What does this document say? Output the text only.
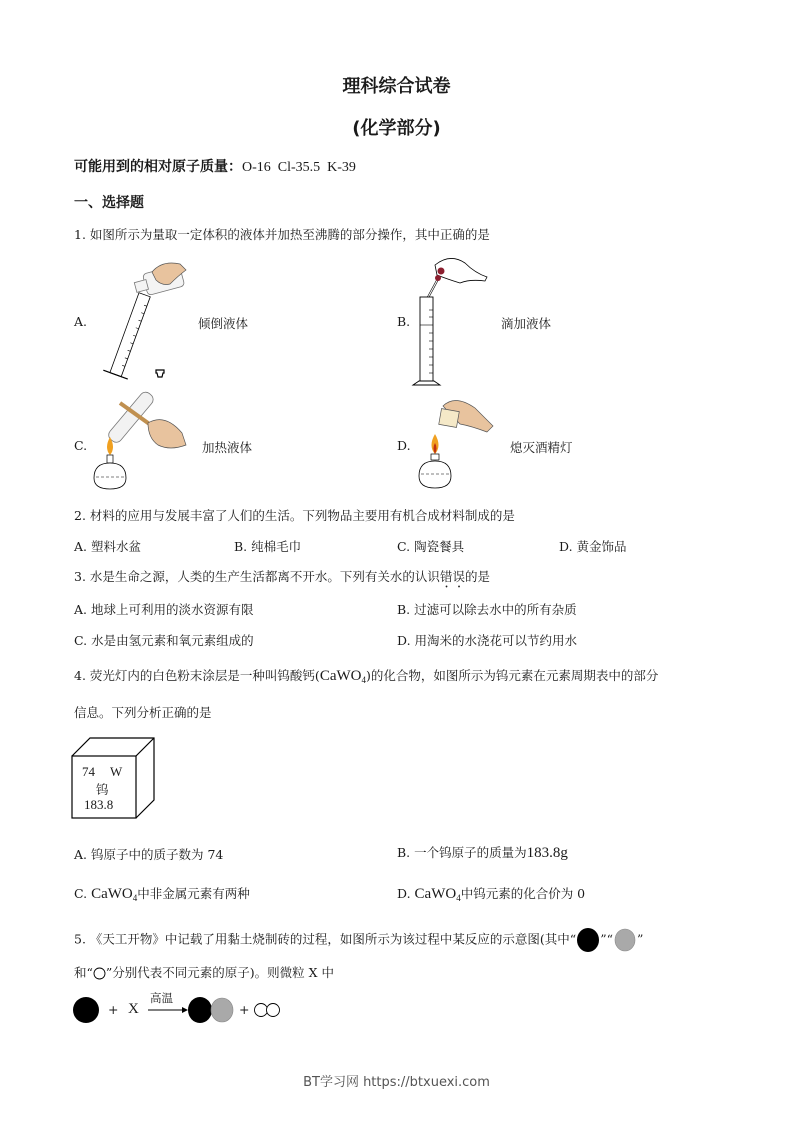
理科综合试卷
(化学部分)
可能用到的相对原子质量：O-16  Cl-35.5  K-39
一、选择题
1. 如图所示为量取一定体积的液体并加热至沸腾的部分操作，其中正确的是
A.	倾倒液体	B.	滴加液体
C.	加热液体	D.	熄灭酒精灯
2. 材料的应用与发展丰富了人们的生活。下列物品主要用有机合成材料制成的是
A. 塑料水盆	B. 纯棉毛巾	C. 陶瓷餐具	D. 黄金饰品
3. 水是生命之源，人类的生产生活都离不开水。下列有关水的认识错误的是
A. 地球上可利用的淡水资源有限	B. 过滤可以除去水中的所有杂质
C. 水是由氢元素和氧元素组成的	D. 用淘米的水浇花可以节约用水
4. 荧光灯内的白色粉末涂层是一种叫钨酸钙(CaWO$_4$)的化合物，如图所示为钨元素在元素周期表中的部分
信息。下列分析正确的是
74 W
钨
183.8
A. 钨原子中的质子数为 74	B. 一个钨原子的质量为183.8g
C. CaWO$_4$中非金属元素有两种	D. CaWO$_4$中钨元素的化合价为 0
5. 《天工开物》中记载了用黏土烧制砖的过程，如图所示为该过程中某反应的示意图(其中“ ”“ ”
和“ ”分别代表不同元素的原子)。则微粒 X 中
+ X
高温
+
BT学习网 https://btxuexi.com
